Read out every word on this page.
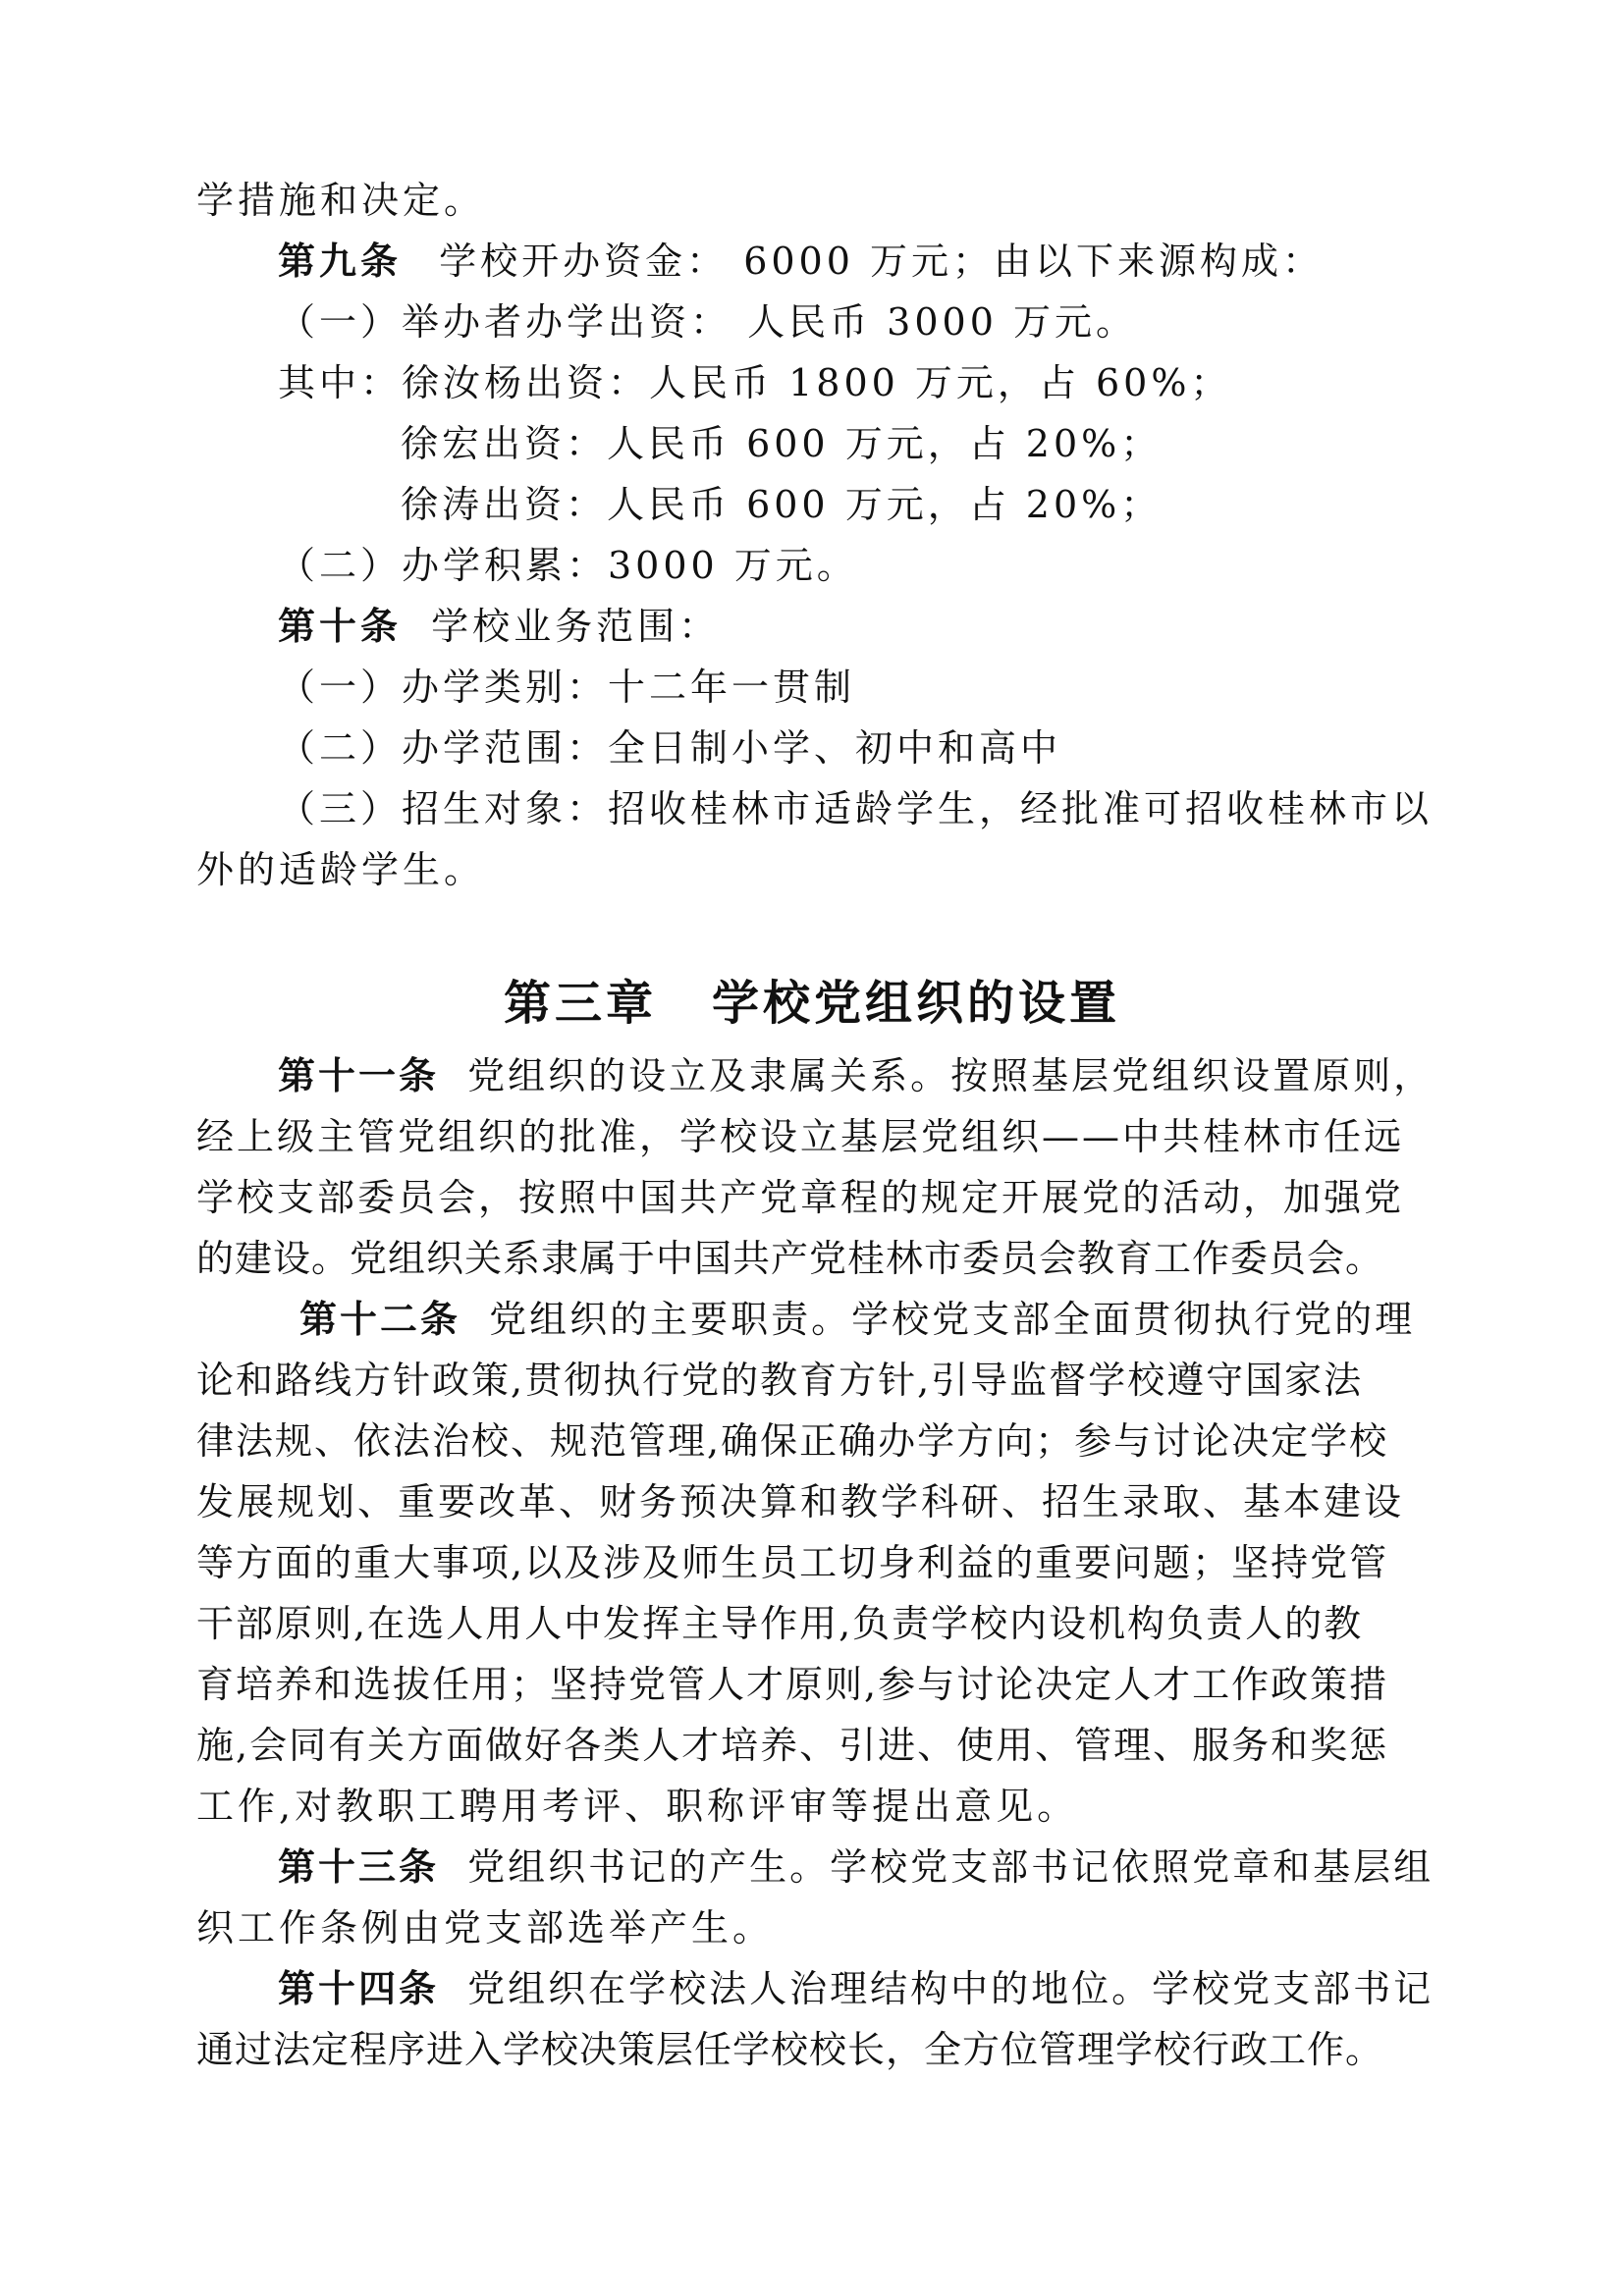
学措施和决定。
第九条 学校开办资金： 6000 万元；由以下来源构成：
（一）举办者办学出资： 人民币 3000 万元。
其中：徐汝杨出资：人民币 1800 万元，占 60%；
徐宏出资：人民币 600 万元，占 20%；
徐涛出资：人民币 600 万元，占 20%；
（二）办学积累：3000 万元。
第十条 学校业务范围：
（一）办学类别：十二年一贯制
（二）办学范围：全日制小学、初中和高中
（三）招生对象：招收桂林市适龄学生，经批准可招收桂林市以
外的适龄学生。
第三章 学校党组织的设置
第十一条 党组织的设立及隶属关系。按照基层党组织设置原则，
经上级主管党组织的批准，学校设立基层党组织——中共桂林市任远
学校支部委员会，按照中国共产党章程的规定开展党的活动，加强党
的建设。党组织关系隶属于中国共产党桂林市委员会教育工作委员会。
第十二条 党组织的主要职责。学校党支部全面贯彻执行党的理
论和路线方针政策,贯彻执行党的教育方针,引导监督学校遵守国家法
律法规、依法治校、规范管理,确保正确办学方向；参与讨论决定学校
发展规划、重要改革、财务预决算和教学科研、招生录取、基本建设
等方面的重大事项,以及涉及师生员工切身利益的重要问题；坚持党管
干部原则,在选人用人中发挥主导作用,负责学校内设机构负责人的教
育培养和选拔任用；坚持党管人才原则,参与讨论决定人才工作政策措
施,会同有关方面做好各类人才培养、引进、使用、管理、服务和奖惩
工作,对教职工聘用考评、职称评审等提出意见。
第十三条 党组织书记的产生。学校党支部书记依照党章和基层组
织工作条例由党支部选举产生。
第十四条 党组织在学校法人治理结构中的地位。学校党支部书记
通过法定程序进入学校决策层任学校校长，全方位管理学校行政工作。
